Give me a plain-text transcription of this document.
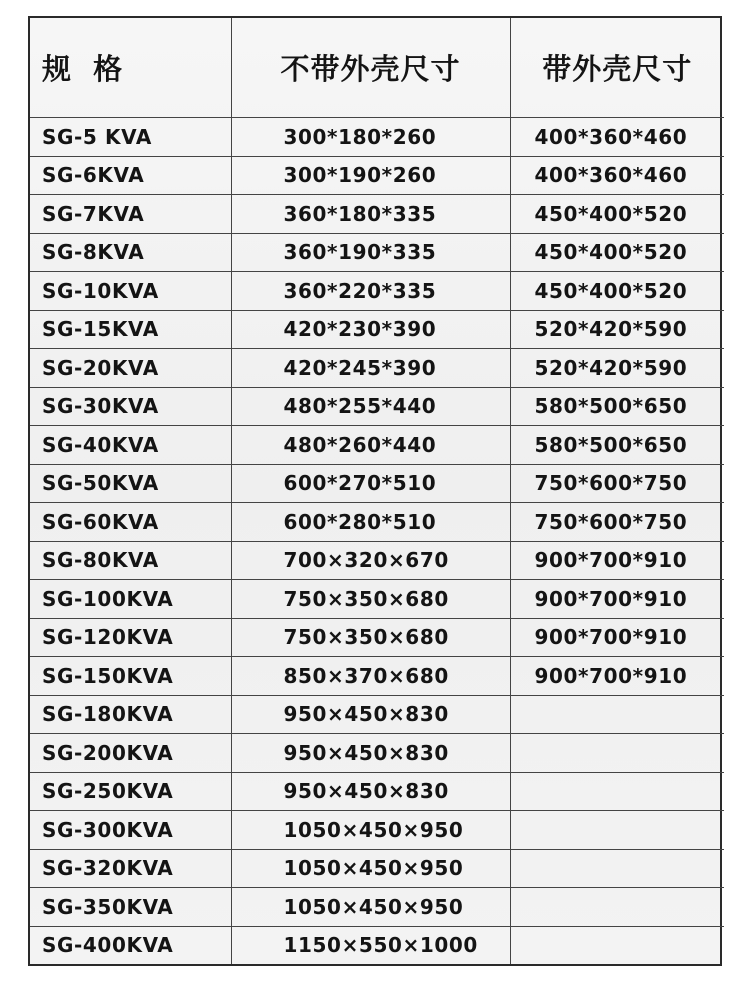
规 格	不带外壳尺寸	带外壳尺寸
SG-5 KVA	300*180*260	400*360*460
SG-6KVA	300*190*260	400*360*460
SG-7KVA	360*180*335	450*400*520
SG-8KVA	360*190*335	450*400*520
SG-10KVA	360*220*335	450*400*520
SG-15KVA	420*230*390	520*420*590
SG-20KVA	420*245*390	520*420*590
SG-30KVA	480*255*440	580*500*650
SG-40KVA	480*260*440	580*500*650
SG-50KVA	600*270*510	750*600*750
SG-60KVA	600*280*510	750*600*750
SG-80KVA	700×320×670	900*700*910
SG-100KVA	750×350×680	900*700*910
SG-120KVA	750×350×680	900*700*910
SG-150KVA	850×370×680	900*700*910
SG-180KVA	950×450×830	
SG-200KVA	950×450×830	
SG-250KVA	950×450×830	
SG-300KVA	1050×450×950	
SG-320KVA	1050×450×950	
SG-350KVA	1050×450×950	
SG-400KVA	1150×550×1000	
